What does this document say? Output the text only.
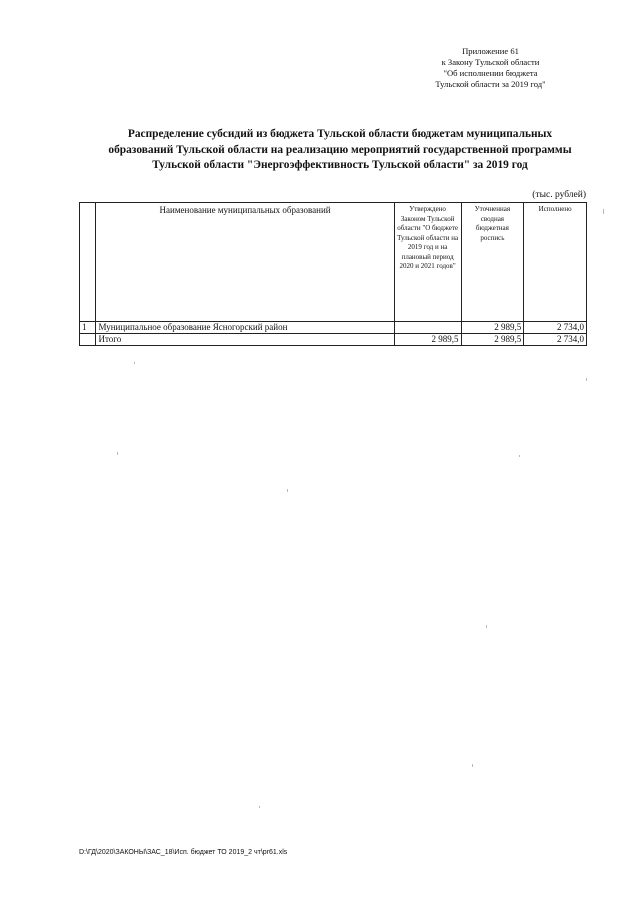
Приложение 61
к Закону Тульской области
"Об исполнении бюджета
Тульской области за 2019 год"
Распределение субсидий из бюджета Тульской области бюджетам муниципальных
образований Тульской области на реализацию мероприятий государственной программы
Тульской области "Энергоэффективность Тульской области" за 2019 год
(тыс. рублей)
	Наименование муниципальных образований	Утверждено Законом Тульской области "О бюджете Тульской области на 2019 год и на плановый период 2020 и 2021 годов"	Уточненная сводная бюджетная роспись	Исполнено
1	Муниципальное образование Ясногорский район		2 989,5	2 734,0
	Итого	2 989,5	2 989,5	2 734,0
D:\ГД\2020\ЗАКОНЫ\ЗАС_18\Исп. бюджет ТО 2019_2 чт\pr61.xls
